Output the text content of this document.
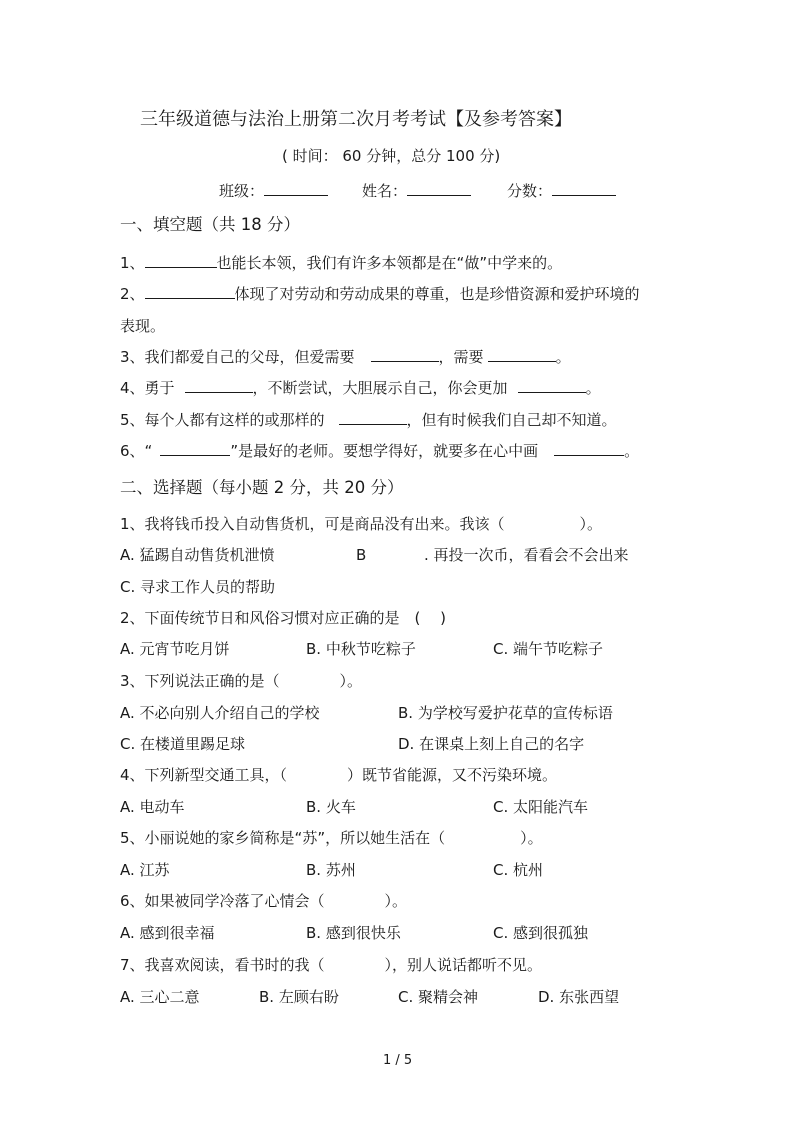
三年级道德与法治上册第二次月考考试【及参考答案】
( 时间： 60 分钟，总分 100 分)
班级：	姓名：	分数：
一、填空题（共 18 分）
1、	也能长本领，我们有许多本领都是在“做”中学来的。
2、	体现了对劳动和劳动成果的尊重，也是珍惜资源和爱护环境的
表现。
3、我们都爱自己的父母，但爱需要	，需要	。
4、勇于	，不断尝试，大胆展示自己，你会更加	。
5、每个人都有这样的或那样的	，但有时候我们自己却不知道。
6、“	”是最好的老师。要想学得好，就要多在心中画	。
二、选择题（每小题 2 分，共 20 分）
1、我将钱币投入自动售货机，可是商品没有出来。我该（　　　　　）。
A. 猛踢自动售货机泄愤	B	. 再投一次币，看看会不会出来
C. 寻求工作人员的帮助
2、下面传统节日和风俗习惯对应正确的是　(　 )
A. 元宵节吃月饼	B. 中秋节吃粽子	C. 端午节吃粽子
3、下列说法正确的是（　　　　）。
A. 不必向别人介绍自己的学校	B. 为学校写爱护花草的宣传标语
C. 在楼道里踢足球	D. 在课桌上刻上自己的名字
4、下列新型交通工具，（　　　　）既节省能源，又不污染环境。
A. 电动车	B. 火车	C. 太阳能汽车
5、小丽说她的家乡简称是“苏”，所以她生活在（　　　　　）。
A. 江苏	B. 苏州	C. 杭州
6、如果被同学冷落了心情会（　　　　）。
A. 感到很幸福	B. 感到很快乐	C. 感到很孤独
7、我喜欢阅读，看书时的我（　　　　），别人说话都听不见。
A. 三心二意	B. 左顾右盼	C. 聚精会神	D. 东张西望
1 / 5
